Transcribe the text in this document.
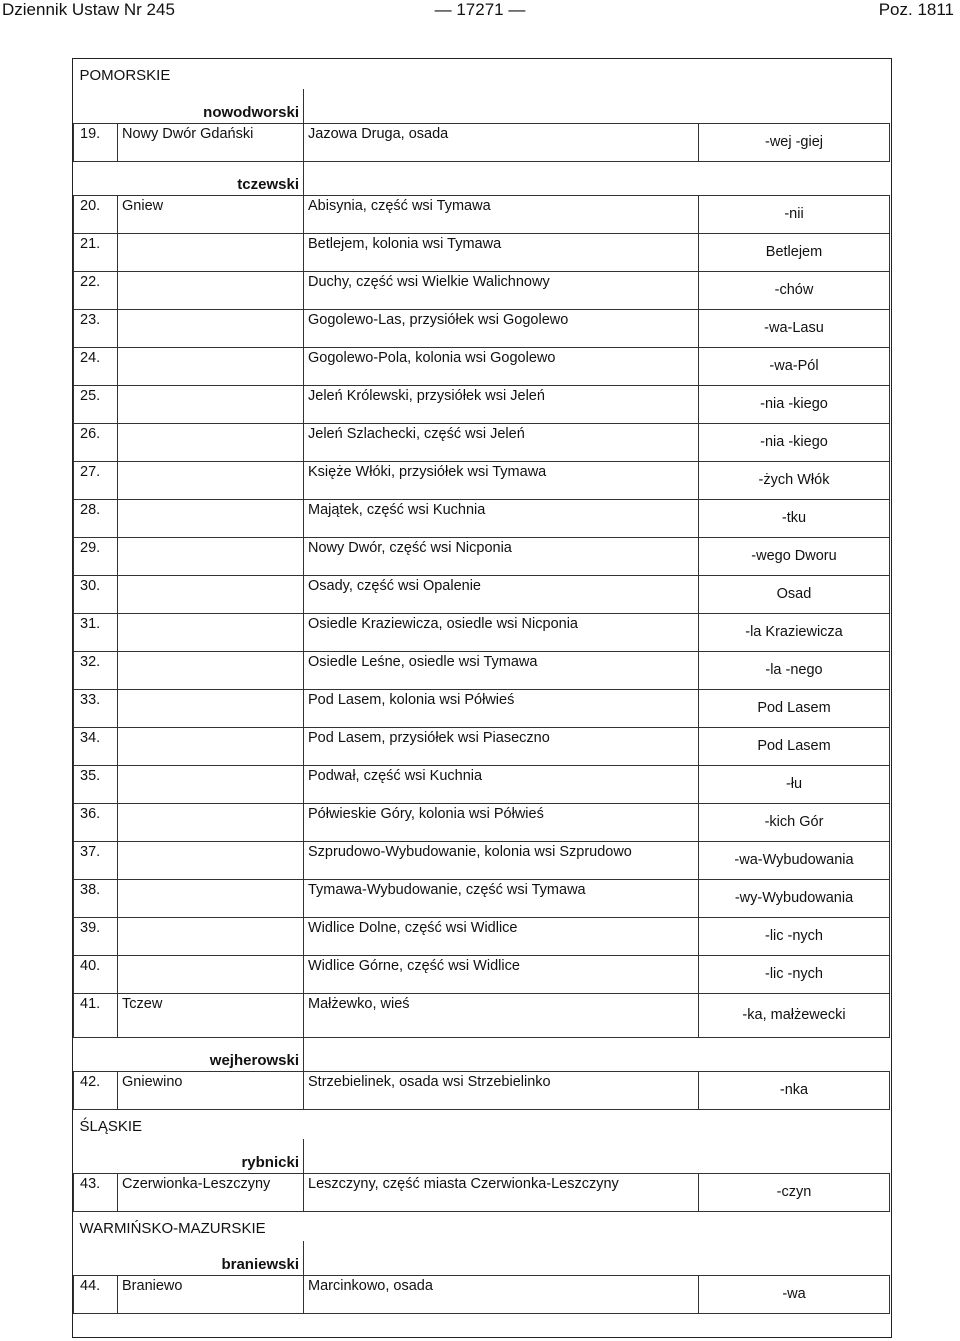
Dziennik Ustaw Nr 245	— 17271 —	Poz. 1811
POMORSKIE			
nowodworski			
19.	Nowy Dwór Gdański	Jazowa Druga, osada	-wej -giej
tczewski			
20.	Gniew	Abisynia, część wsi Tymawa	-nii
21.		Betlejem, kolonia wsi Tymawa	Betlejem
22.		Duchy, część wsi Wielkie Walichnowy	-chów
23.		Gogolewo-Las, przysiółek wsi Gogolewo	-wa-Lasu
24.		Gogolewo-Pola, kolonia wsi Gogolewo	-wa-Pól
25.		Jeleń Królewski, przysiółek wsi Jeleń	-nia -kiego
26.		Jeleń Szlachecki, część wsi Jeleń	-nia -kiego
27.		Księże Włóki, przysiółek wsi Tymawa	-żych Włók
28.		Majątek, część wsi Kuchnia	-tku
29.		Nowy Dwór, część wsi Nicponia	-wego Dworu
30.		Osady, część wsi Opalenie	Osad
31.		Osiedle Kraziewicza, osiedle wsi Nicponia	-la Kraziewicza
32.		Osiedle Leśne, osiedle wsi Tymawa	-la -nego
33.		Pod Lasem, kolonia wsi Półwieś	Pod Lasem
34.		Pod Lasem, przysiółek wsi Piaseczno	Pod Lasem
35.		Podwał, część wsi Kuchnia	-łu
36.		Półwieskie Góry, kolonia wsi Półwieś	-kich Gór
37.		Szprudowo-Wybudowanie, kolonia wsi Szprudowo	-wa-Wybudowania
38.		Tymawa-Wybudowanie, część wsi Tymawa	-wy-Wybudowania
39.		Widlice Dolne, część wsi Widlice	-lic -nych
40.		Widlice Górne, część wsi Widlice	-lic -nych
41.	Tczew	Małżewko, wieś	-ka, małżewecki
wejherowski			
42.	Gniewino	Strzebielinek, osada wsi Strzebielinko	-nka
ŚLĄSKIE			
rybnicki			
43.	Czerwionka-Leszczyny	Leszczyny, część miasta Czerwionka-Leszczyny	-czyn
WARMIŃSKO-MAZURSKIE			
braniewski			
44.	Braniewo	Marcinkowo, osada	-wa
